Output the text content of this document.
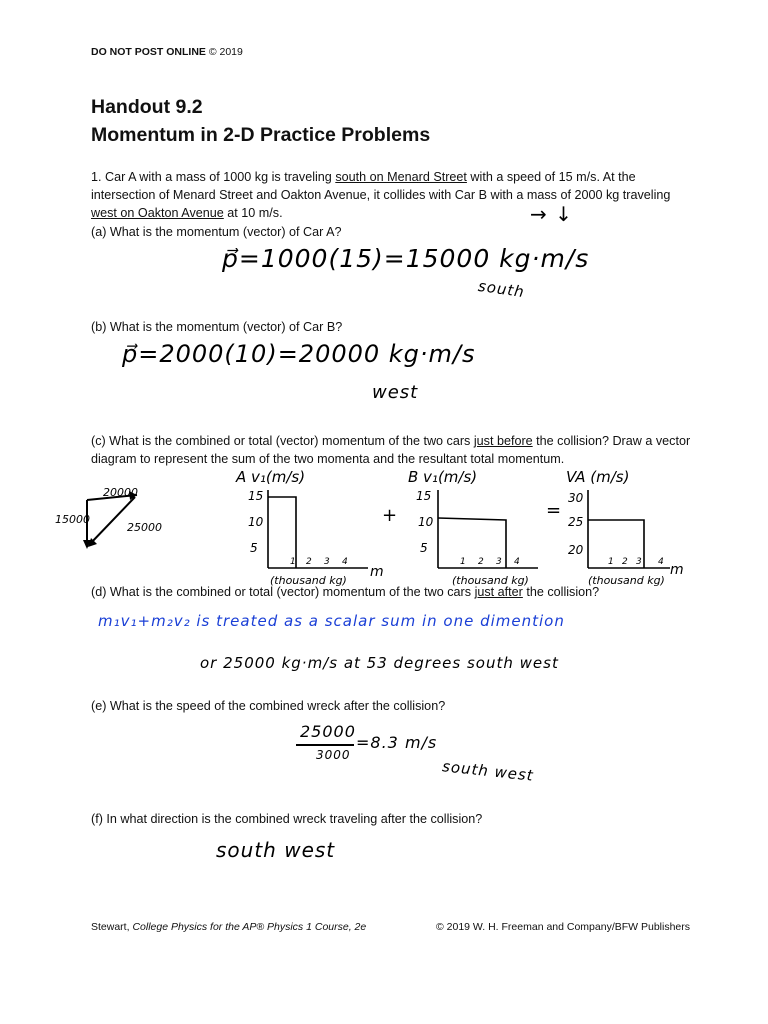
DO NOT POST ONLINE © 2019
Handout 9.2
Momentum in 2-D Practice Problems

1. Car A with a mass of 1000 kg is traveling south on Menard Street with a speed of 15 m/s. At the intersection of Menard Street and Oakton Avenue, it collides with Car B with a mass of 2000 kg traveling west on Oakton Avenue at 10 m/s.

(a) What is the momentum (vector) of Car A?
→ ↓
p⃗=1000(15)=15000 kg·m/s
south
(b) What is the momentum (vector) of Car B?
p⃗=2000(10)=20000 kg·m/s
west

(c) What is the combined or total (vector) momentum of the two cars just before the collision? Draw a vector diagram to represent the sum of the two momenta and the resultant total momentum.

20000
15000
25000
A v₁(m/s)
15
10
5
1 2 3 4
(thousand kg)
m
+
B v₁(m/s)
15
10
5
1 2 3 4
(thousand kg)
=
VA (m/s)
30
25
20
1 2 3 4
(thousand kg)
m
(d) What is the combined or total (vector) momentum of the two cars just after the collision?
m₁v₁+m₂v₂ is treated as a scalar sum in one dimention
or 25000 kg·m/s at 53 degrees south west
(e) What is the speed of the combined wreck after the collision?
25000
3000
=8.3 m/s
south west
(f) In what direction is the combined wreck traveling after the collision?
south west
Stewart, College Physics for the AP® Physics 1 Course, 2e	© 2019 W. H. Freeman and Company/BFW Publishers
